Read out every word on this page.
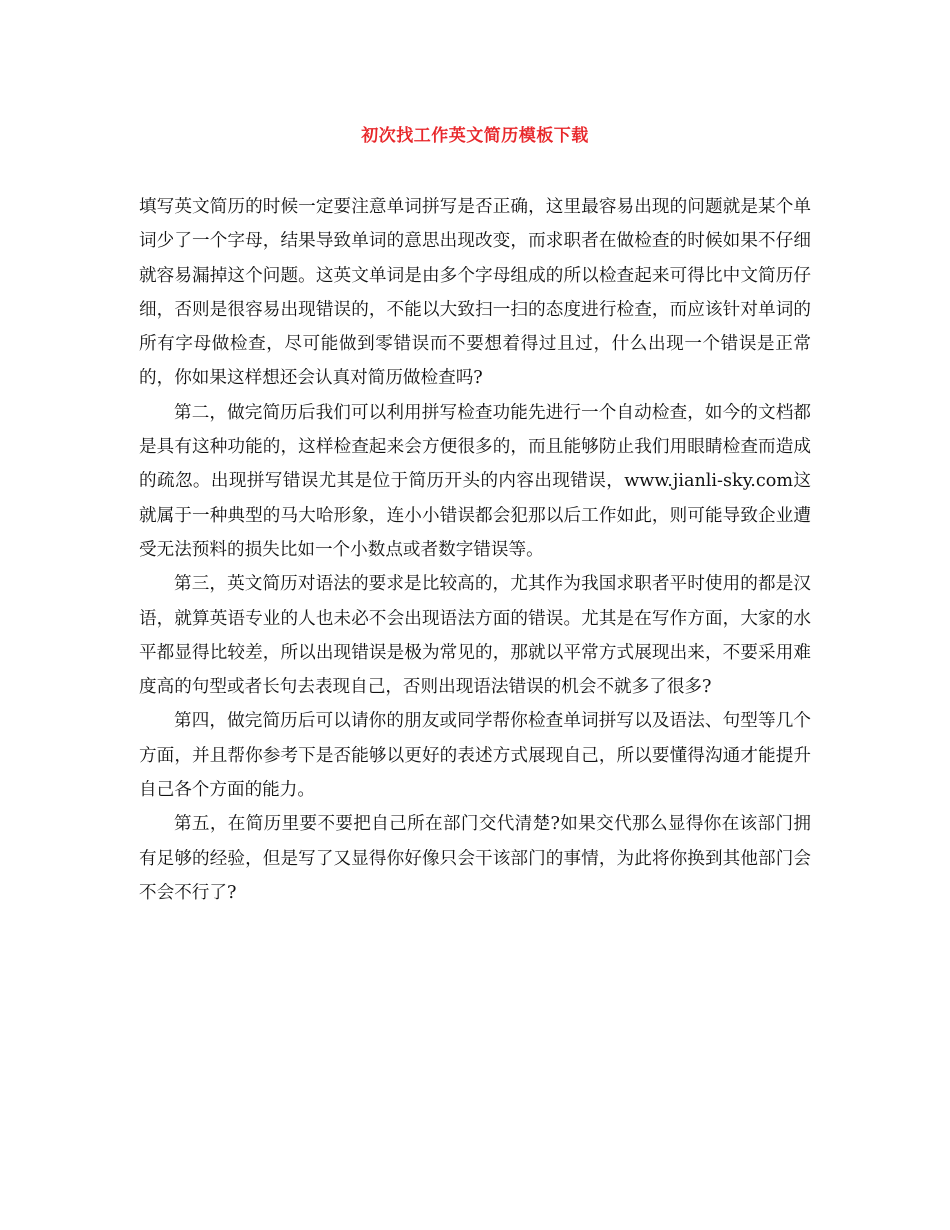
初次找工作英文简历模板下载

填写英文简历的时候一定要注意单词拼写是否正确，这里最容易出现的问题就是某个单词少了一个字母，结果导致单词的意思出现改变，而求职者在做检查的时候如果不仔细就容易漏掉这个问题。这英文单词是由多个字母组成的所以检查起来可得比中文简历仔细，否则是很容易出现错误的，不能以大致扫一扫的态度进行检查，而应该针对单词的所有字母做检查，尽可能做到零错误而不要想着得过且过，什么出现一个错误是正常的，你如果这样想还会认真对简历做检查吗?

第二，做完简历后我们可以利用拼写检查功能先进行一个自动检查，如今的文档都是具有这种功能的，这样检查起来会方便很多的，而且能够防止我们用眼睛检查而造成的疏忽。出现拼写错误尤其是位于简历开头的内容出现错误，www.jianli-sky.com这就属于一种典型的马大哈形象，连小小错误都会犯那以后工作如此，则可能导致企业遭受无法预料的损失比如一个小数点或者数字错误等。

第三，英文简历对语法的要求是比较高的，尤其作为我国求职者平时使用的都是汉语，就算英语专业的人也未必不会出现语法方面的错误。尤其是在写作方面，大家的水平都显得比较差，所以出现错误是极为常见的，那就以平常方式展现出来，不要采用难度高的句型或者长句去表现自己，否则出现语法错误的机会不就多了很多?

第四，做完简历后可以请你的朋友或同学帮你检查单词拼写以及语法、句型等几个方面，并且帮你参考下是否能够以更好的表述方式展现自己，所以要懂得沟通才能提升自己各个方面的能力。

第五，在简历里要不要把自己所在部门交代清楚?如果交代那么显得你在该部门拥有足够的经验，但是写了又显得你好像只会干该部门的事情，为此将你换到其他部门会不会不行了?
